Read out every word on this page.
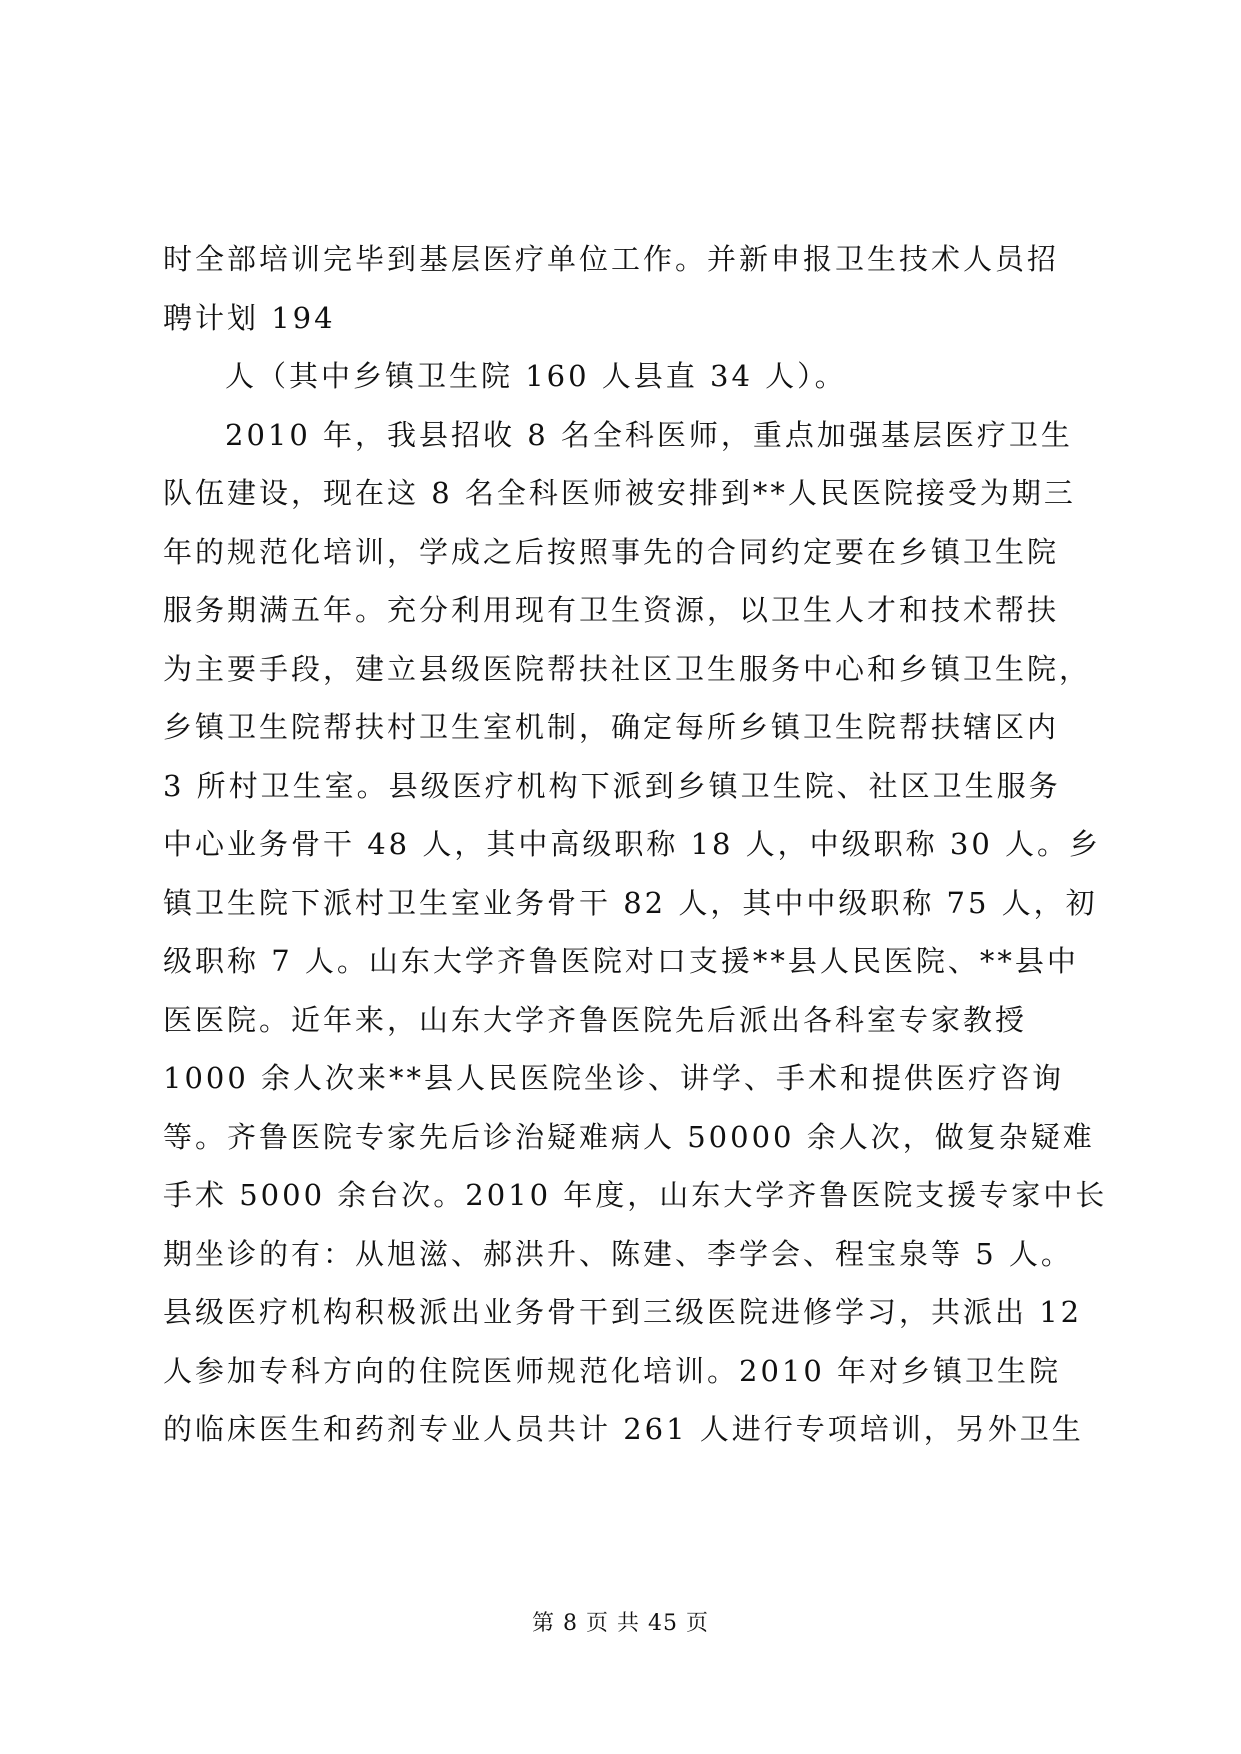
时全部培训完毕到基层医疗单位工作。并新申报卫生技术人员招
聘计划 194
人（其中乡镇卫生院 160 人县直 34 人）。
2010 年，我县招收 8 名全科医师，重点加强基层医疗卫生
队伍建设，现在这 8 名全科医师被安排到**人民医院接受为期三
年的规范化培训，学成之后按照事先的合同约定要在乡镇卫生院
服务期满五年。充分利用现有卫生资源，以卫生人才和技术帮扶
为主要手段，建立县级医院帮扶社区卫生服务中心和乡镇卫生院，
乡镇卫生院帮扶村卫生室机制，确定每所乡镇卫生院帮扶辖区内
3 所村卫生室。县级医疗机构下派到乡镇卫生院、社区卫生服务
中心业务骨干 48 人，其中高级职称 18 人，中级职称 30 人。乡
镇卫生院下派村卫生室业务骨干 82 人，其中中级职称 75 人，初
级职称 7 人。山东大学齐鲁医院对口支援**县人民医院、**县中
医医院。近年来，山东大学齐鲁医院先后派出各科室专家教授
1000 余人次来**县人民医院坐诊、讲学、手术和提供医疗咨询
等。齐鲁医院专家先后诊治疑难病人 50000 余人次，做复杂疑难
手术 5000 余台次。2010 年度，山东大学齐鲁医院支援专家中长
期坐诊的有：从旭滋、郝洪升、陈建、李学会、程宝泉等 5 人。
县级医疗机构积极派出业务骨干到三级医院进修学习，共派出 12
人参加专科方向的住院医师规范化培训。2010 年对乡镇卫生院
的临床医生和药剂专业人员共计 261 人进行专项培训，另外卫生
第 8 页 共 45 页
